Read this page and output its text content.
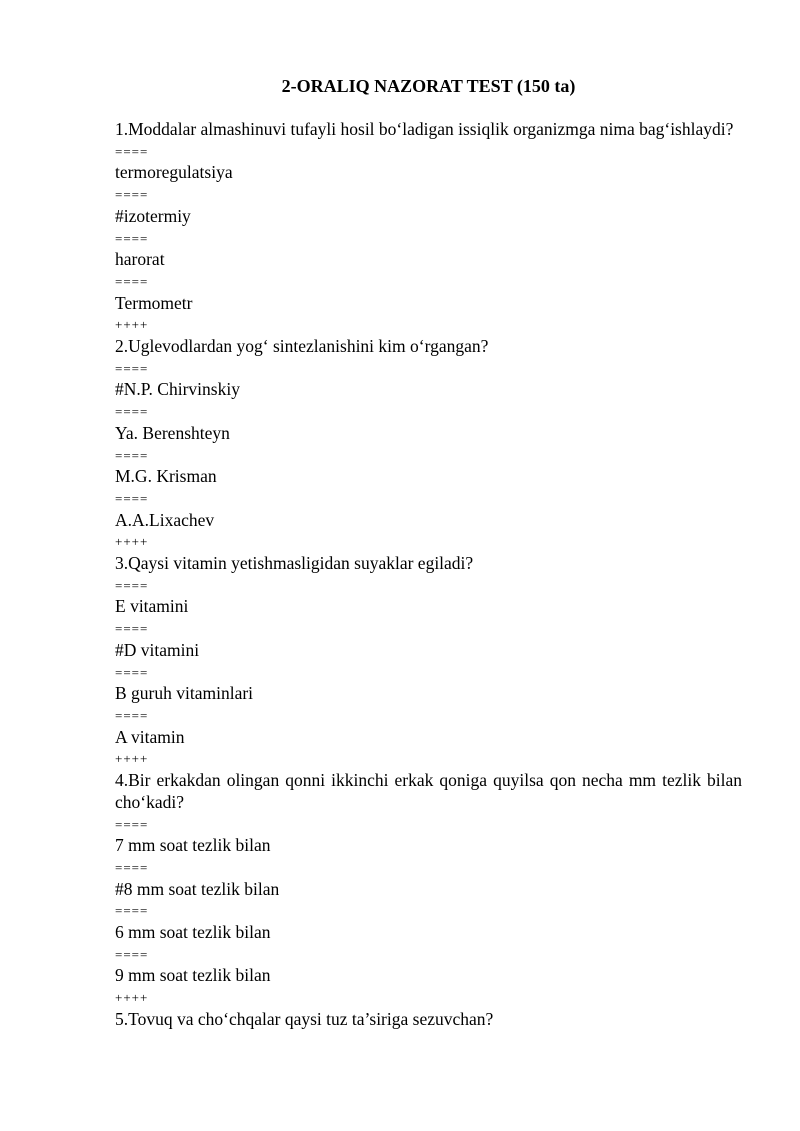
2-ORALIQ NAZORAT TEST (150 ta)

1.Moddalar almashinuvi tufayli hosil bo‘ladigan issiqlik organizmga nima bag‘ishlaydi?

====

termoregulatsiya

====

#izotermiy

====

harorat

====

Termometr

++++

2.Uglevodlardan yog‘ sintezlanishini kim o‘rgangan?

====

#N.P. Chirvinskiy

====

Ya. Berenshteyn

====

M.G. Krisman

====

A.A.Lixachev

++++

3.Qaysi vitamin yetishmasligidan suyaklar egiladi?

====

E vitamini

====

#D vitamini

====

B guruh vitaminlari

====

A vitamin

++++

4.Bir erkakdan olingan qonni ikkinchi erkak qoniga quyilsa qon necha mm tezlik bilan cho‘kadi?

====

7 mm soat tezlik bilan

====

#8 mm soat tezlik bilan

====

6 mm soat tezlik bilan

====

9 mm soat tezlik bilan

++++

5.Tovuq va cho‘chqalar qaysi tuz ta’siriga sezuvchan?
